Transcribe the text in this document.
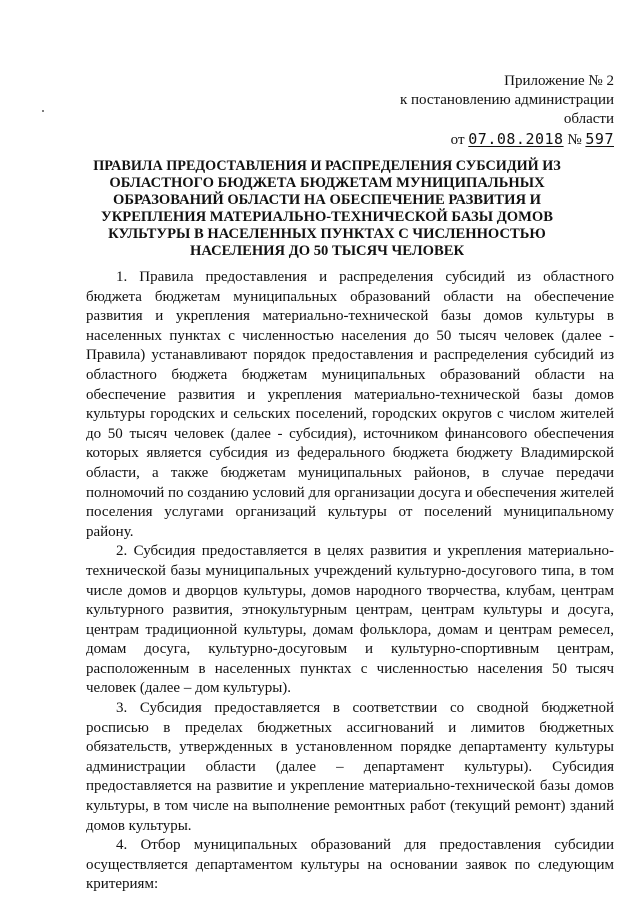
Приложение № 2
к постановлению администрации
области
от 07.08.2018 № 597
ПРАВИЛА ПРЕДОСТАВЛЕНИЯ И РАСПРЕДЕЛЕНИЯ СУБСИДИЙ ИЗ
ОБЛАСТНОГО БЮДЖЕТА БЮДЖЕТАМ МУНИЦИПАЛЬНЫХ
ОБРАЗОВАНИЙ ОБЛАСТИ НА ОБЕСПЕЧЕНИЕ РАЗВИТИЯ И
УКРЕПЛЕНИЯ МАТЕРИАЛЬНО-ТЕХНИЧЕСКОЙ БАЗЫ ДОМОВ
КУЛЬТУРЫ В НАСЕЛЕННЫХ ПУНКТАХ С ЧИСЛЕННОСТЬЮ
НАСЕЛЕНИЯ ДО 50 ТЫСЯЧ ЧЕЛОВЕК
1. Правила предоставления и распределения субсидий из областного
бюджета бюджетам муниципальных образований области на обеспечение
развития и укрепления материально-технической базы домов культуры в
населенных пунктах с численностью населения до 50 тысяч человек (далее -
Правила) устанавливают порядок предоставления и распределения субсидий из
областного бюджета бюджетам муниципальных образований области на
обеспечение развития и укрепления материально-технической базы домов
культуры городских и сельских поселений, городских округов с числом жителей
до 50 тысяч человек (далее - субсидия), источником финансового обеспечения
которых является субсидия из федерального бюджета бюджету Владимирской
области, а также бюджетам муниципальных районов, в случае передачи
полномочий по созданию условий для организации досуга и обеспечения жителей
поселения услугами организаций культуры от поселений муниципальному
району.
2. Субсидия предоставляется в целях развития и укрепления материально-
технической базы муниципальных учреждений культурно-досугового типа, в том
числе домов и дворцов культуры, домов народного творчества, клубам, центрам
культурного развития, этнокультурным центрам, центрам культуры и досуга,
центрам традиционной культуры, домам фольклора, домам и центрам ремесел,
домам досуга, культурно-досуговым и культурно-спортивным центрам,
расположенным в населенных пунктах с численностью населения 50 тысяч
человек (далее – дом культуры).
3. Субсидия предоставляется в соответствии со сводной бюджетной
росписью в пределах бюджетных ассигнований и лимитов бюджетных
обязательств, утвержденных в установленном порядке департаменту культуры
администрации области (далее – департамент культуры). Субсидия
предоставляется на развитие и укрепление материально-технической базы домов
культуры, в том числе на выполнение ремонтных работ (текущий ремонт) зданий
домов культуры.
4. Отбор муниципальных образований для предоставления субсидии
осуществляется департаментом культуры на основании заявок по следующим
критериям:
